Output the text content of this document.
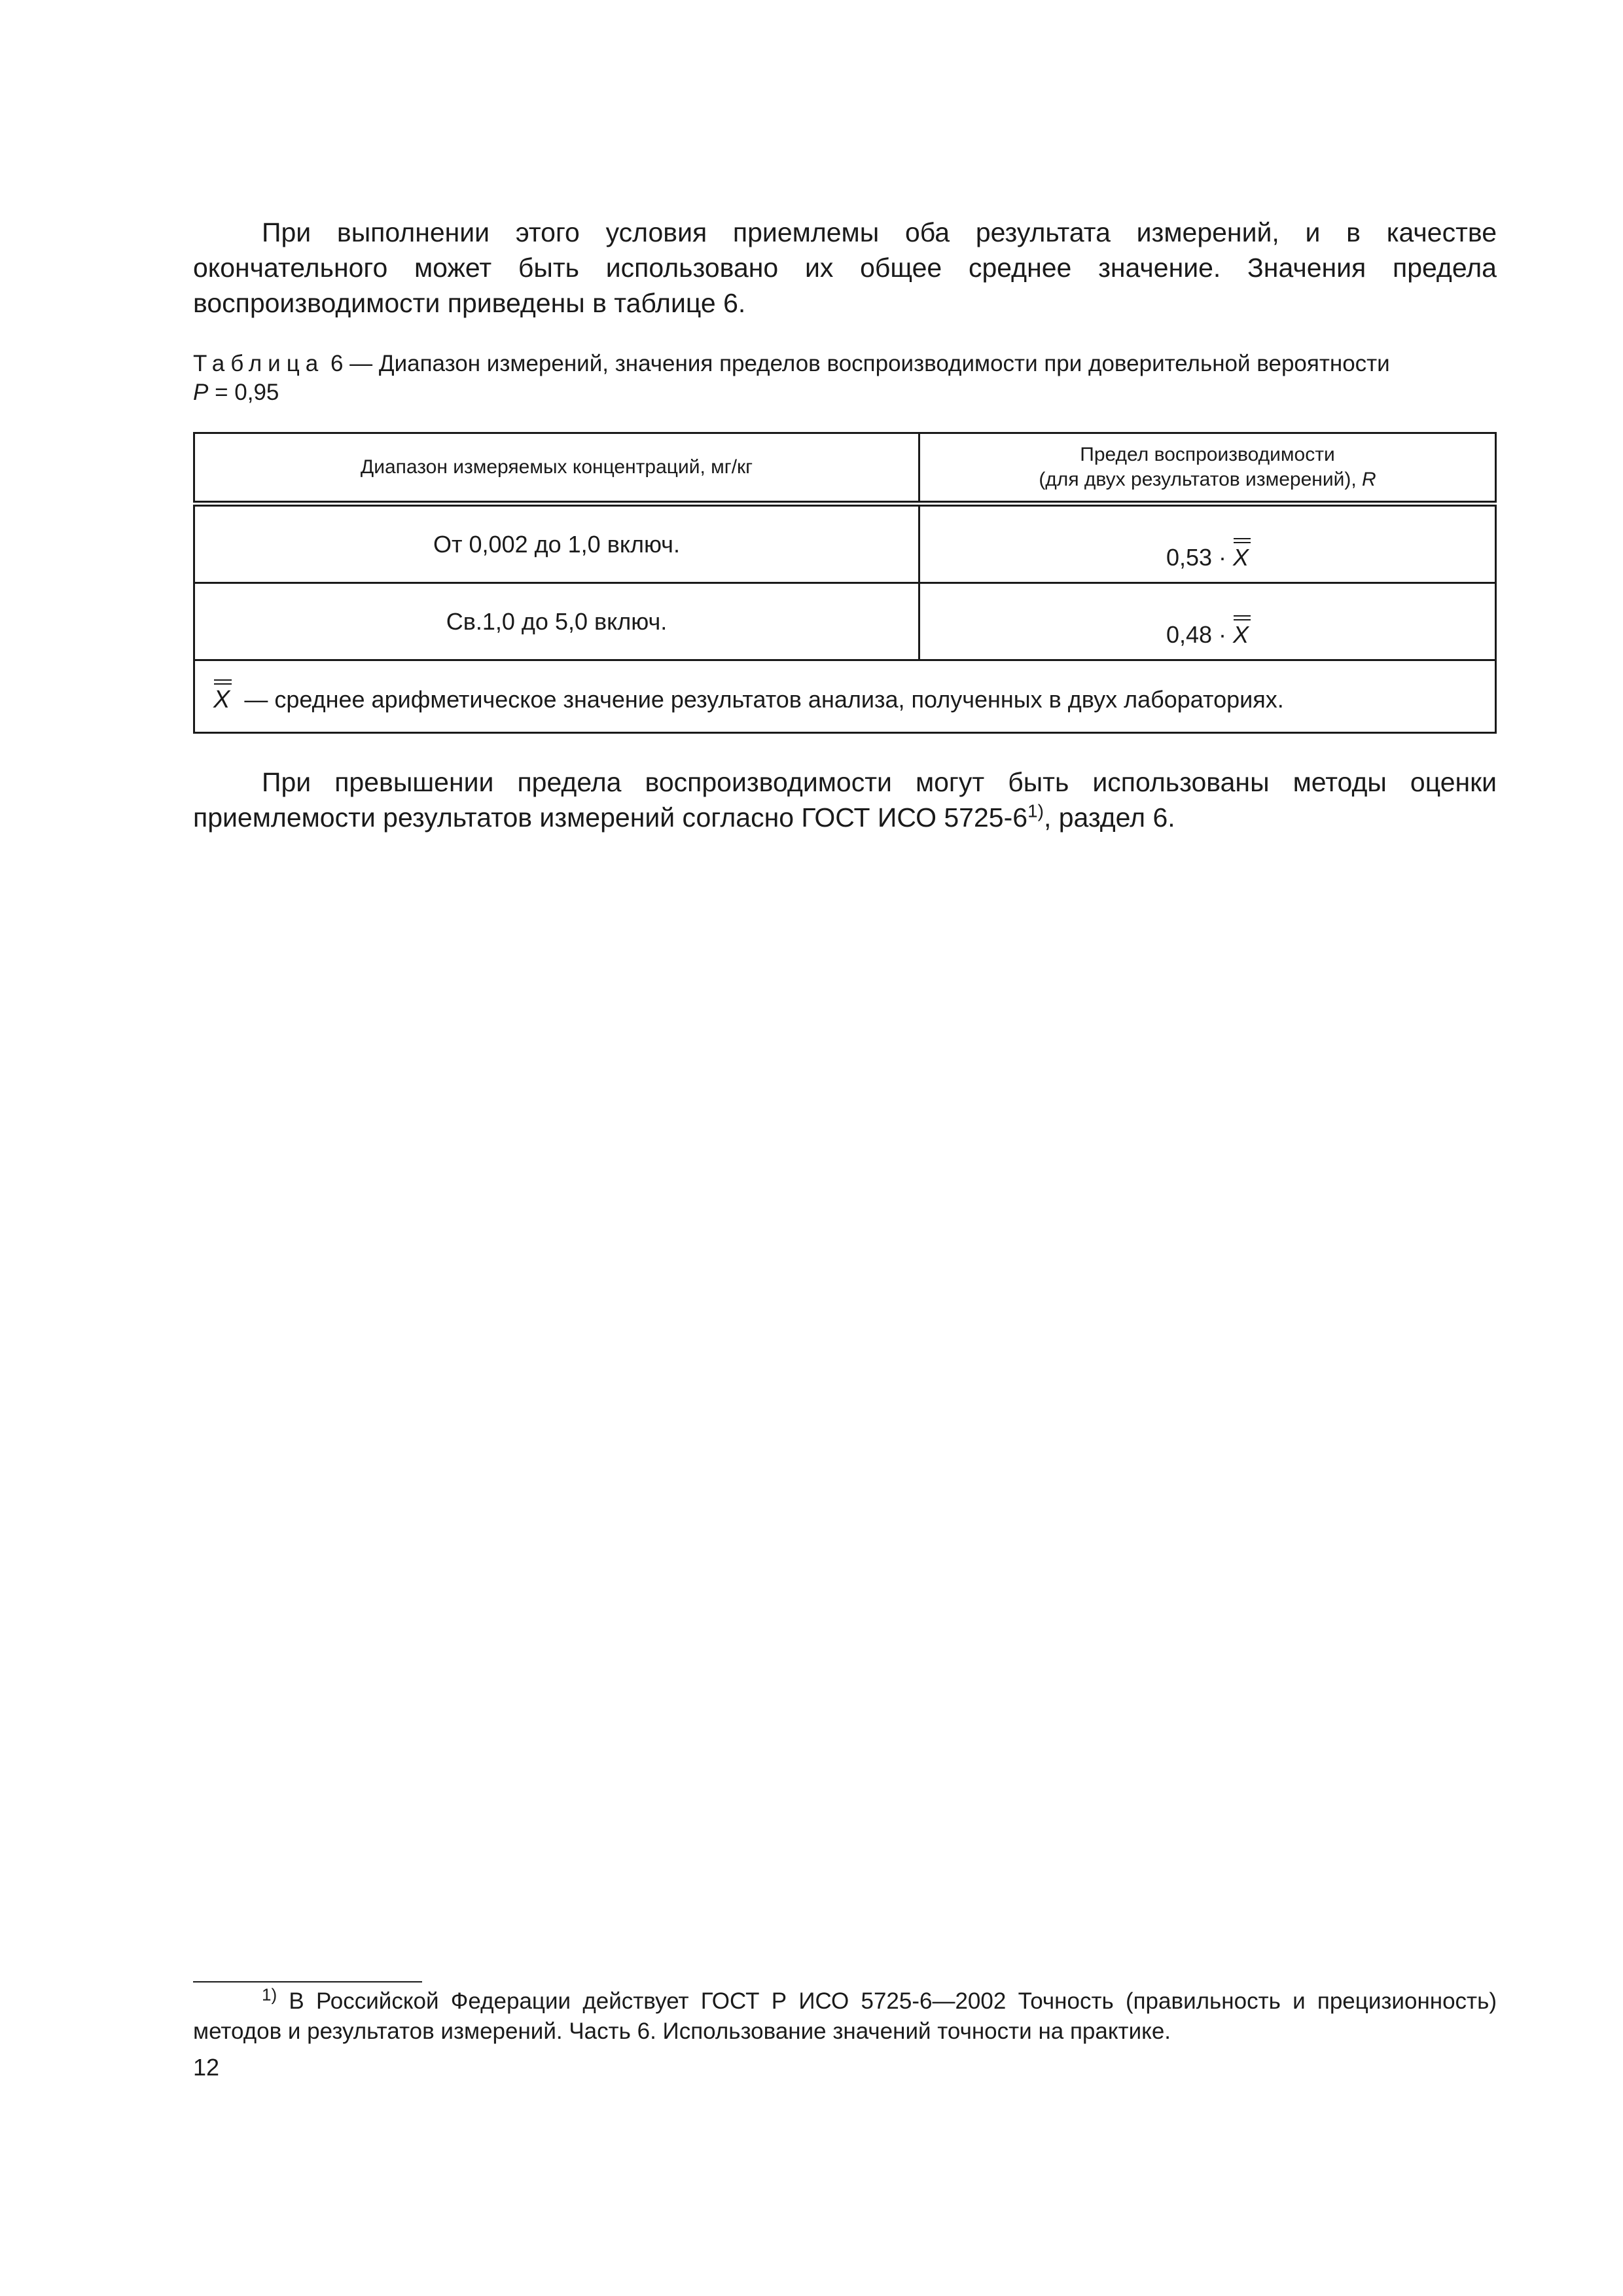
При выполнении этого условия приемлемы оба результата измерений, и в качестве окончательного может быть использовано их общее среднее значение. Значения предела воспроизводимости приведены в таблице 6.

Таблица 6 — Диапазон измерений, значения пределов воспроизводимости при доверительной вероятности
P = 0,95

Диапазон измеряемых концентраций, мг/кг	Предел воспроизводимости
(для двух результатов измерений), R
От 0,002 до 1,0 включ.	0,53 · X
Св.1,0 до 5,0 включ.	0,48 · X
X — среднее арифметическое значение результатов анализа, полученных в двух лабораториях.	

При превышении предела воспроизводимости могут быть использованы методы оценки приемлемости результатов измерений согласно ГОСТ ИСО 5725-6$^{1)}$, раздел 6.

$^{1)}$ В Российской Федерации действует ГОСТ Р ИСО 5725-6—2002 Точность (правильность и прецизионность) методов и результатов измерений. Часть 6. Использование значений точности на практике.

12
